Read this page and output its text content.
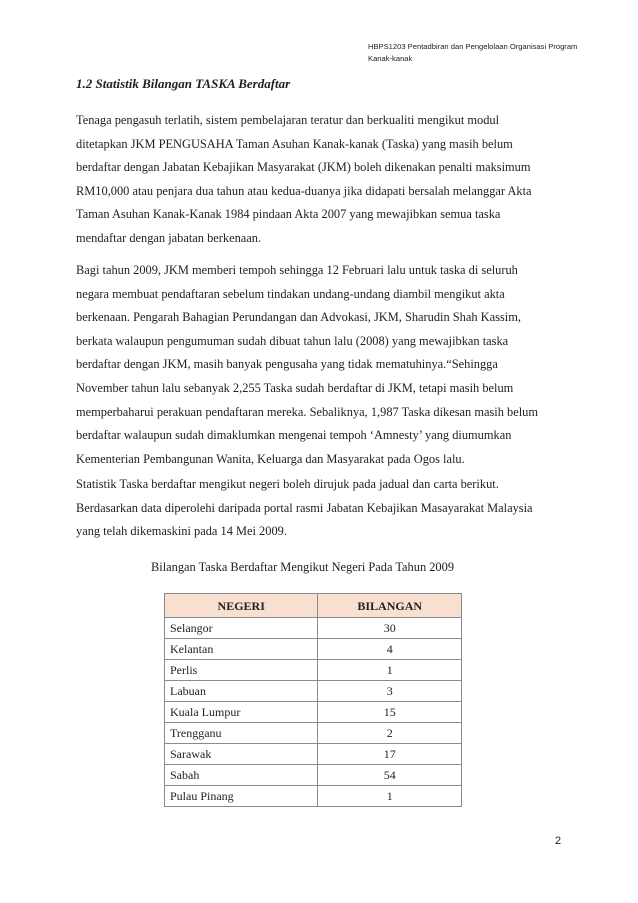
HBPS1203 Pentadbiran dan Pengelolaan Organisasi Program
Kanak-kanak
1.2 Statistik Bilangan TASKA Berdaftar
Tenaga pengasuh terlatih, sistem pembelajaran teratur dan berkualiti mengikut modul
ditetapkan JKM PENGUSAHA Taman Asuhan Kanak-kanak (Taska) yang masih belum
berdaftar dengan Jabatan Kebajikan Masyarakat (JKM) boleh dikenakan penalti maksimum
RM10,000 atau penjara dua tahun atau kedua-duanya jika didapati bersalah melanggar Akta
Taman Asuhan Kanak-Kanak 1984 pindaan Akta 2007 yang mewajibkan semua taska
mendaftar dengan jabatan berkenaan.
Bagi tahun 2009, JKM memberi tempoh sehingga 12 Februari lalu untuk taska di seluruh
negara membuat pendaftaran sebelum tindakan undang-undang diambil mengikut akta
berkenaan. Pengarah Bahagian Perundangan dan Advokasi, JKM, Sharudin Shah Kassim,
berkata walaupun pengumuman sudah dibuat tahun lalu (2008) yang mewajibkan taska
berdaftar dengan JKM, masih banyak pengusaha yang tidak mematuhinya.“Sehingga
November tahun lalu sebanyak 2,255 Taska sudah berdaftar di JKM, tetapi masih belum
memperbaharui perakuan pendaftaran mereka. Sebaliknya, 1,987 Taska dikesan masih belum
berdaftar walaupun sudah dimaklumkan mengenai tempoh ‘Amnesty’ yang diumumkan
Kementerian Pembangunan Wanita, Keluarga dan Masyarakat pada Ogos lalu.
Statistik Taska berdaftar mengikut negeri boleh dirujuk pada jadual dan carta berikut.
Berdasarkan data diperolehi daripada portal rasmi Jabatan Kebajikan Masayarakat Malaysia
yang telah dikemaskini pada 14 Mei 2009.
Bilangan Taska Berdaftar Mengikut Negeri Pada Tahun 2009
NEGERI	BILANGAN
Selangor	30
Kelantan	4
Perlis	1
Labuan	3
Kuala Lumpur	15
Trengganu	2
Sarawak	17
Sabah	54
Pulau Pinang	1
2
